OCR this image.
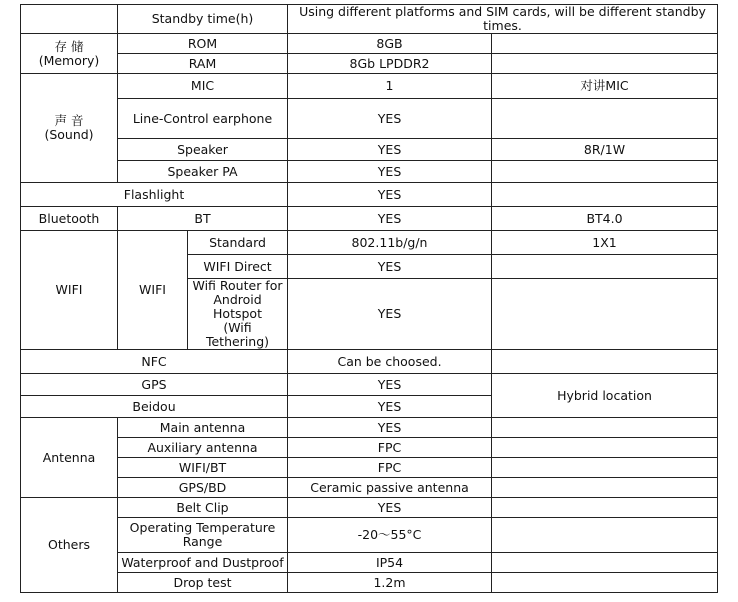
	Standby time(h)		Using different platforms and SIM cards, will be different standby times.	

存 储
(Memory)	ROM		8GB	
	RAM		8Gb LPDDR2	

声 音
(Sound)	MIC		1	对讲MIC
	Line-Control earphone		YES	
	Speaker		YES	8R/1W
	Speaker PA		YES	
Flashlight			YES	
Bluetooth	BT		YES	BT4.0
WIFI	WIFI	Standard	802.11b/g/n	1X1
		WIFI Direct	YES	

		Wifi Router for
Android
Hotspot
(Wifi Tethering)	YES	
NFC			Can be choosed.	
GPS			YES	Hybrid location
Beidou			YES	
Antenna	Main antenna		YES	
	Auxiliary antenna		FPC	
	WIFI/BT		FPC	
	GPS/BD		Ceramic passive antenna	
Others	Belt Clip		YES	

	Operating Temperature
Range		-20～55°C	
	Waterproof and Dustproof		IP54	
	Drop test		1.2m	
